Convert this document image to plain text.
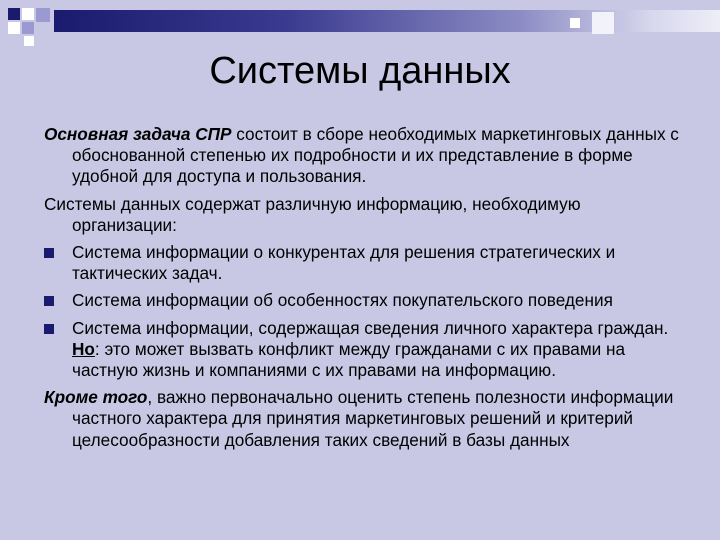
Системы данных
Основная задача СПР состоит в сборе необходимых маркетинговых данных с обоснованной степенью их подробности и их представление в форме удобной для доступа и пользования.
Системы данных содержат различную информацию, необходимую организации:
Система информации о конкурентах для решения стратегических и тактических задач.
Система информации об особенностях покупательского поведения
Система информации, содержащая сведения личного характера граждан. Но: это может вызвать конфликт между гражданами с их правами на частную жизнь и компаниями с их правами на информацию.
Кроме того, важно первоначально оценить степень полезности информации частного характера для принятия маркетинговых решений и критерий целесообразности добавления таких сведений в базы данных
